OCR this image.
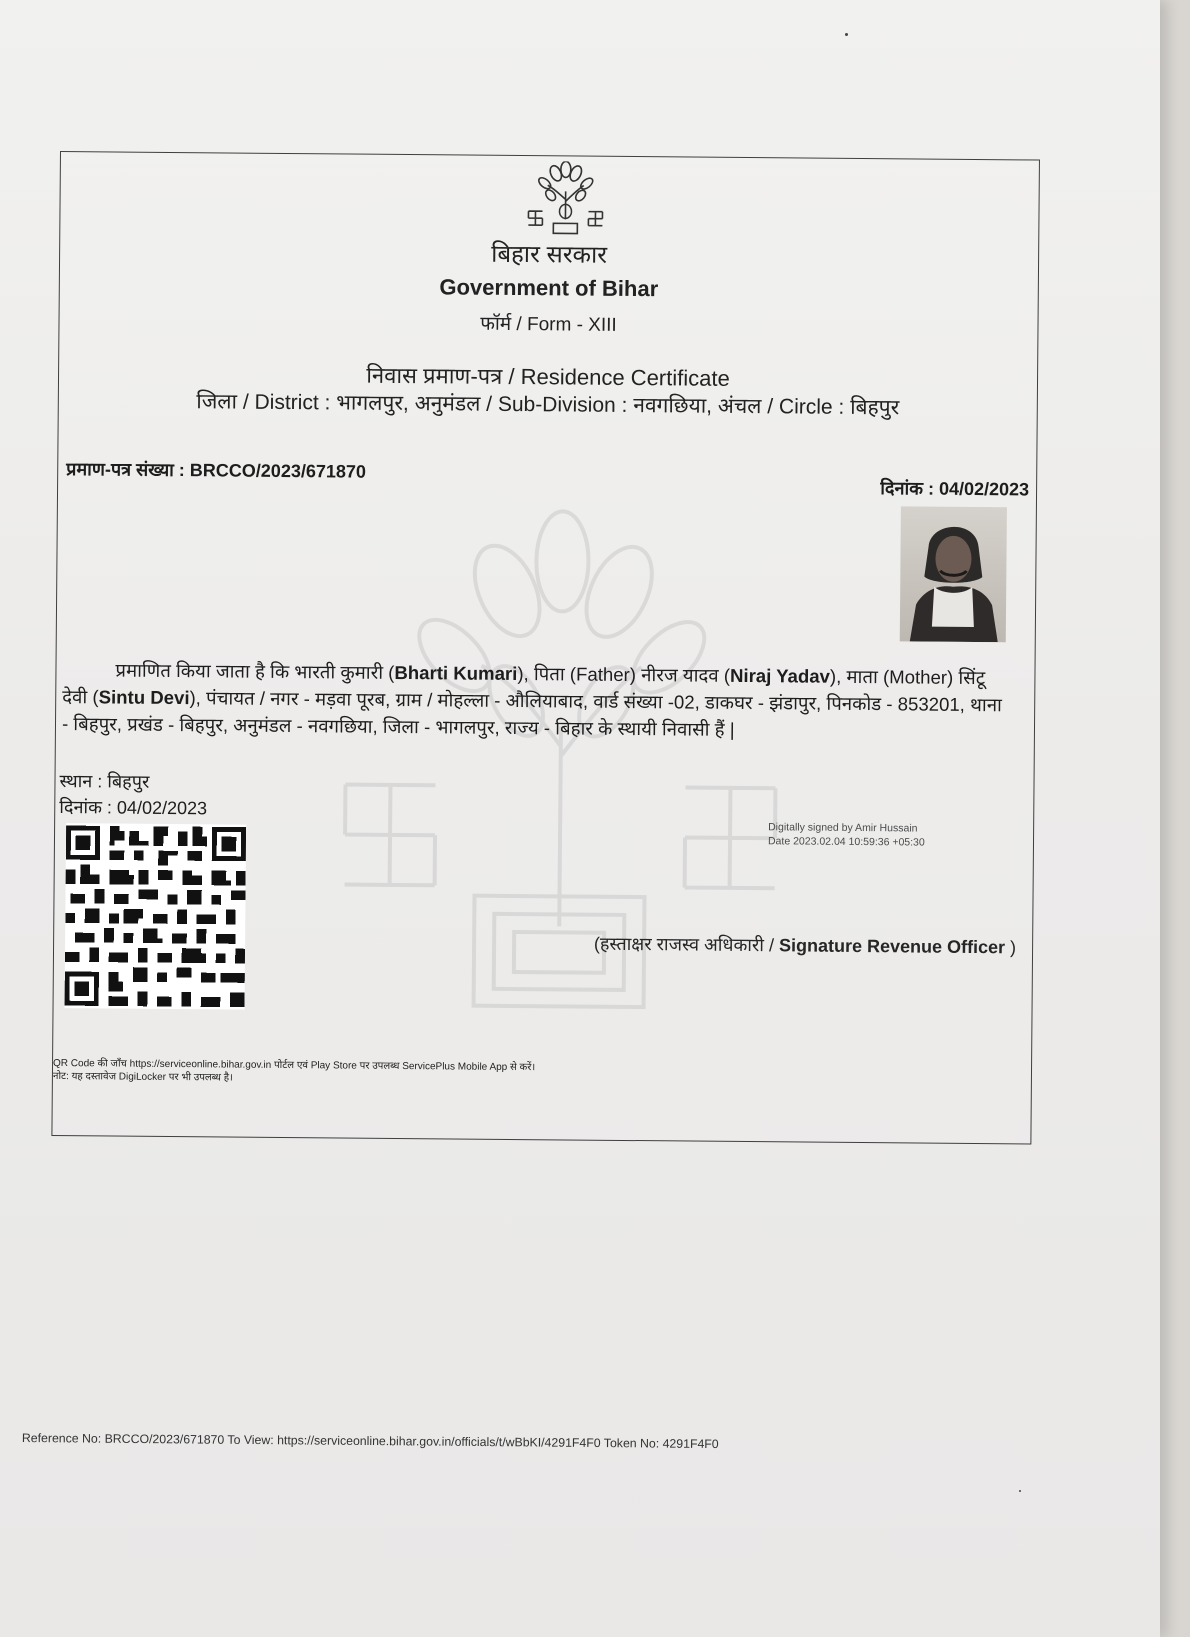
बिहार सरकार
Government of Bihar
फॉर्म / Form - XIII
निवास प्रमाण-पत्र / Residence Certificate
जिला / District : भागलपुर, अनुमंडल / Sub-Division : नवगछिया, अंचल / Circle : बिहपुर
प्रमाण-पत्र संख्या : BRCCO/2023/671870
दिनांक : 04/02/2023
प्रमाणित किया जाता है कि भारती कुमारी (Bharti Kumari), पिता (Father) नीरज यादव (Niraj Yadav), माता (Mother) सिंटू देवी (Sintu Devi), पंचायत / नगर - मड़वा पूरब, ग्राम / मोहल्ला - औलियाबाद, वार्ड संख्या -02, डाकघर - झंडापुर, पिनकोड - 853201, थाना - बिहपुर, प्रखंड - बिहपुर, अनुमंडल - नवगछिया, जिला - भागलपुर, राज्य - बिहार के स्थायी निवासी हैं |
स्थान : बिहपुर
दिनांक : 04/02/2023
Digitally signed by Amir Hussain
Date 2023.02.04 10:59:36 +05:30
(हस्ताक्षर राजस्व अधिकारी / Signature Revenue Officer )
QR Code की जाँच https://serviceonline.bihar.gov.in पोर्टल एवं Play Store पर उपलब्ध ServicePlus Mobile App से करें।
नोट: यह दस्तावेज DigiLocker पर भी उपलब्ध है।
Reference No: BRCCO/2023/671870 To View: https://serviceonline.bihar.gov.in/officials/t/wBbKI/4291F4F0 Token No: 4291F4F0
